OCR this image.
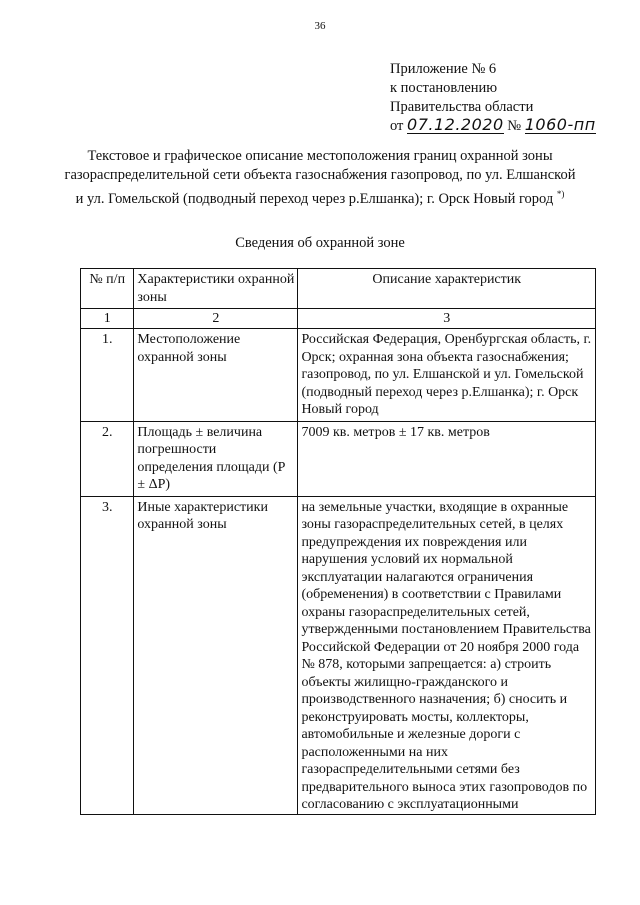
36
Приложение № 6
к постановлению
Правительства области
от 07.12.2020 № 1060-пп
Текстовое и графическое описание местоположения границ охранной зоны газораспределительной сети объекта газоснабжения газопровод, по ул. Елшанской и ул. Гомельской (подводный переход через р.Елшанка); г. Орск Новый город *)
Сведения об охранной зоне
№ п/п	Характеристики охранной зоны	Описание характеристик
1	2	3
1.	Местоположение охранной зоны	Российская Федерация, Оренбургская область, г. Орск; охранная зона объекта газоснабжения; газопровод, по ул. Елшанской и ул. Гомельской (подводный переход через р.Елшанка); г. Орск Новый город
2.	Площадь ± величина погрешности определения площади (P ± ΔP)	7009 кв. метров ± 17 кв. метров
3.	Иные характеристики охранной зоны	на земельные участки, входящие в охранные зоны газораспределительных сетей, в целях предупреждения их повреждения или нарушения условий их нормальной эксплуатации налагаются ограничения (обременения) в соответствии с Правилами охраны газораспределительных сетей, утвержденными постановлением Правительства Российской Федерации от 20 ноября 2000 года № 878, которыми запрещается: а) строить объекты жилищно-гражданского и производственного назначения; б) сносить и реконструировать мосты, коллекторы, автомобильные и железные дороги с расположенными на них газораспределительными сетями без предварительного выноса этих газопроводов по согласованию с эксплуатационными
